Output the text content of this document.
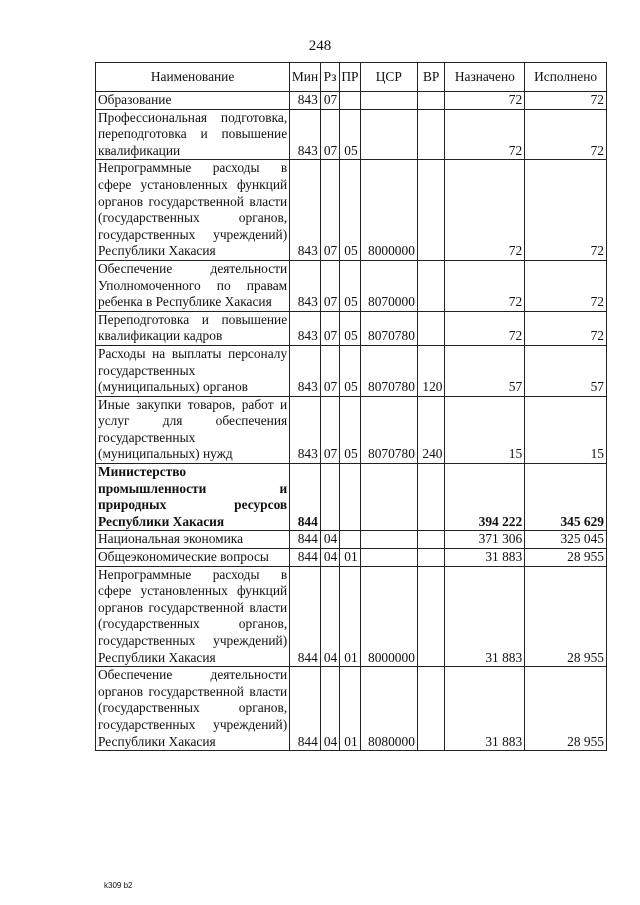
248
Наименование	Мин	Рз	ПР	ЦСР	ВР	Назначено	Исполнено
Образование	843	07				72	72
Профессиональная подготовка, переподготовка и повышение квалификации	843	07	05			72	72
Непрограммные расходы в сфере установленных функций органов государственной власти (государственных органов, государственных учреждений) Республики Хакасия	843	07	05	8000000		72	72
Обеспечение деятельности Уполномоченного по правам ребенка в Республике Хакасия	843	07	05	8070000		72	72
Переподготовка и повышение квалификации кадров	843	07	05	8070780		72	72
Расходы на выплаты персоналу государственных (муниципальных) органов	843	07	05	8070780	120	57	57
Иные закупки товаров, работ и услуг для обеспечения государственных (муниципальных) нужд	843	07	05	8070780	240	15	15
Министерство промышленности и природных ресурсов Республики Хакасия	844					394 222	345 629
Национальная экономика	844	04				371 306	325 045
Общеэкономические вопросы	844	04	01			31 883	28 955
Непрограммные расходы в сфере установленных функций органов государственной власти (государственных органов, государственных учреждений) Республики Хакасия	844	04	01	8000000		31 883	28 955
Обеспечение деятельности органов государственной власти (государственных органов, государственных учреждений) Республики Хакасия	844	04	01	8080000		31 883	28 955
k309 b2
